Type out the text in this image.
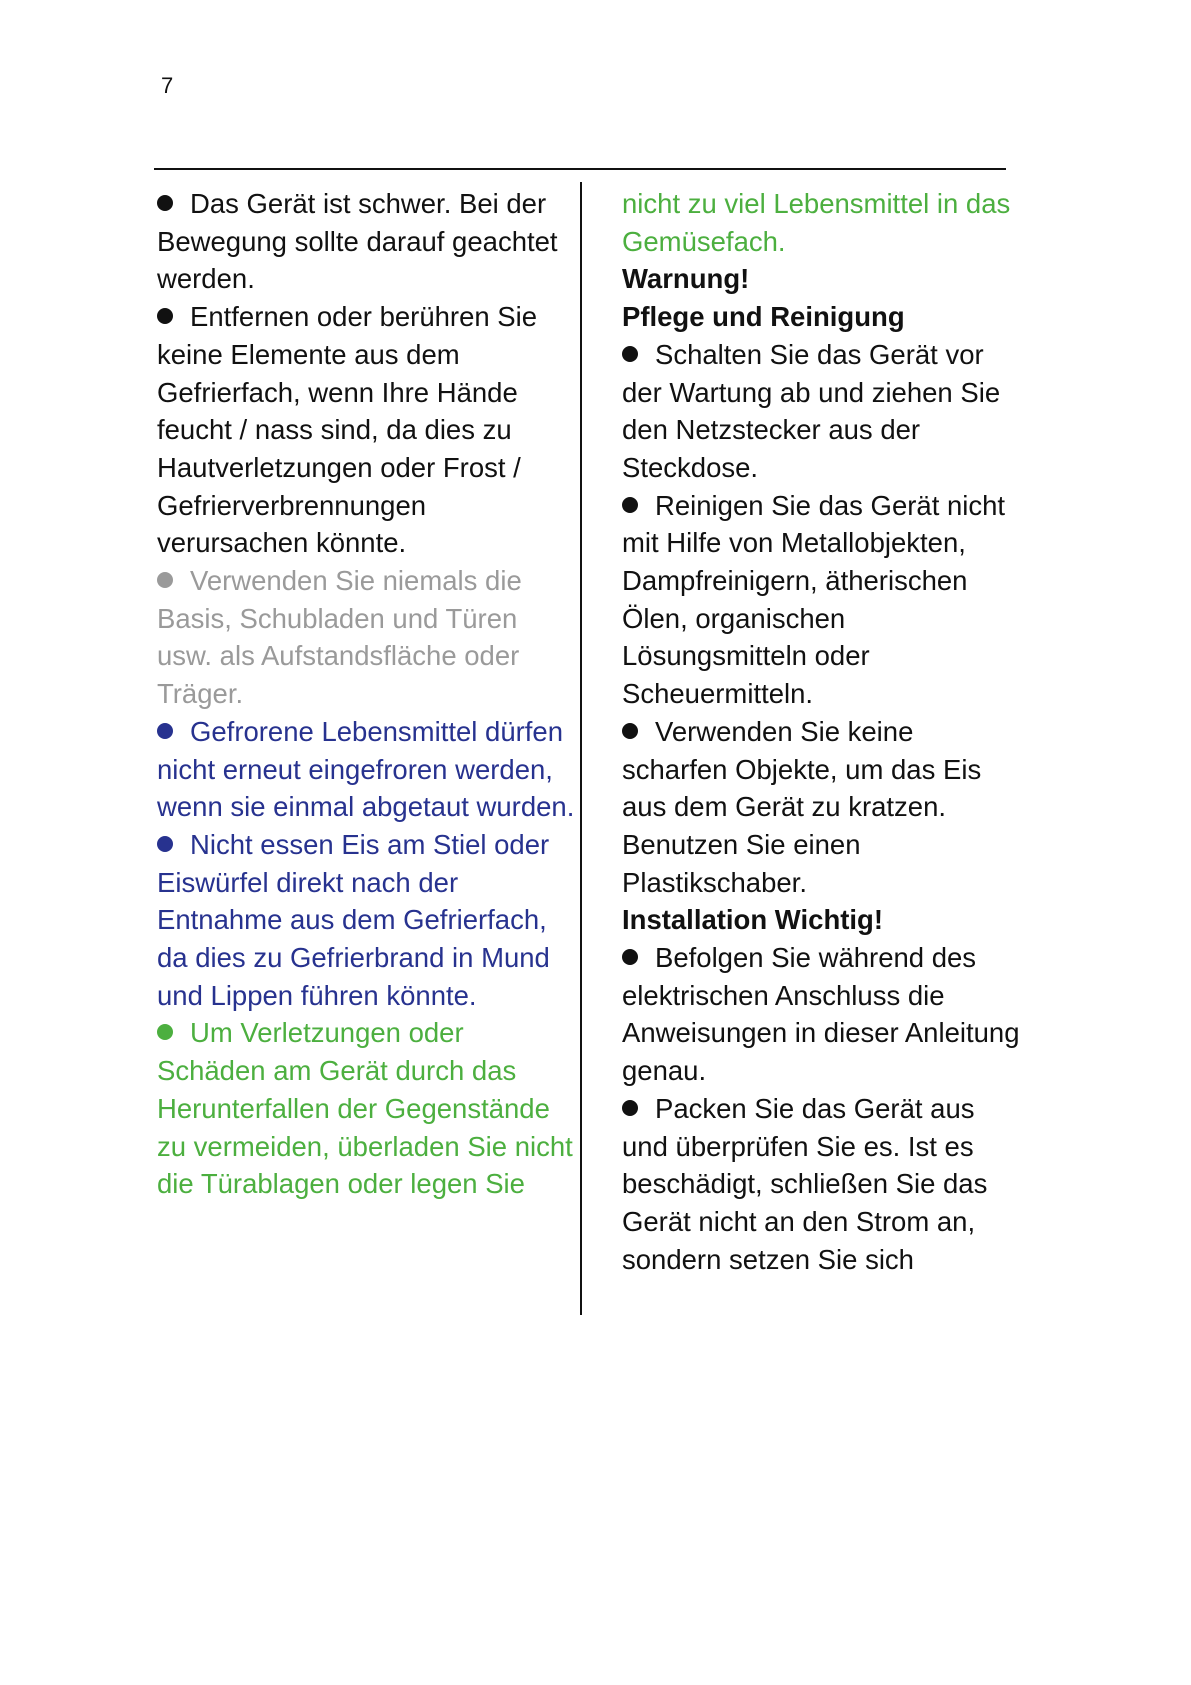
7

Das Gerät ist schwer. Bei der Bewegung sollte darauf geachtet werden.

Entfernen oder berühren Sie keine Elemente aus dem Gefrierfach, wenn Ihre Hände feucht / nass sind, da dies zu Hautverletzungen oder Frost / Gefrierverbrennungen verursachen könnte.

Verwenden Sie niemals die Basis, Schubladen und Türen usw. als Aufstandsfläche oder Träger.

Gefrorene Lebensmittel dürfen nicht erneut eingefroren werden, wenn sie einmal abgetaut wurden.

Nicht essen Eis am Stiel oder Eiswürfel direkt nach der Entnahme aus dem Gefrierfach, da dies zu Gefrierbrand in Mund und Lippen führen könnte.

Um Verletzungen oder Schäden am Gerät durch das Herunterfallen der Gegenstände zu vermeiden, überladen Sie nicht die Türablagen oder legen Sie

nicht zu viel Lebensmittel in das Gemüsefach.

Warnung!

Pflege und Reinigung

Schalten Sie das Gerät vor der Wartung ab und ziehen Sie den Netzstecker aus der Steckdose.

Reinigen Sie das Gerät nicht mit Hilfe von Metallobjekten, Dampfreinigern, ätherischen Ölen, organischen Lösungsmitteln oder Scheuermitteln.

Verwenden Sie keine scharfen Objekte, um das Eis aus dem Gerät zu kratzen. Benutzen Sie einen Plastikschaber.

Installation Wichtig!

Befolgen Sie während des elektrischen Anschluss die Anweisungen in dieser Anleitung genau.

Packen Sie das Gerät aus und überprüfen Sie es. Ist es beschädigt, schließen Sie das Gerät nicht an den Strom an, sondern setzen Sie sich
